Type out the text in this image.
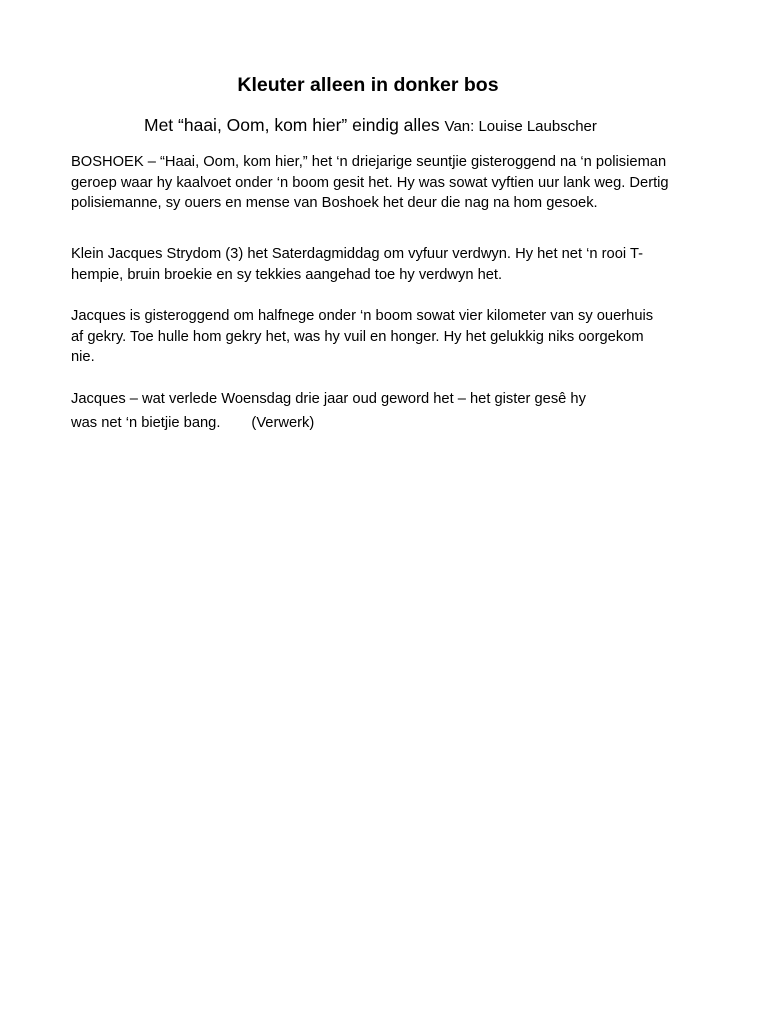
Kleuter alleen in donker bos
Met “haai, Oom, kom hier” eindig alles Van: Louise Laubscher

BOSHOEK – “Haai, Oom, kom hier,” het ‘n driejarige seuntjie gisteroggend na ‘n polisieman
geroep waar hy kaalvoet onder ‘n boom gesit het. Hy was sowat vyftien uur lank weg. Dertig
polisiemanne, sy ouers en mense van Boshoek het deur die nag na hom gesoek.

Klein Jacques Strydom (3) het Saterdagmiddag om vyfuur verdwyn. Hy het net ‘n rooi T-
hempie, bruin broekie en sy tekkies aangehad toe hy verdwyn het.

Jacques is gisteroggend om halfnege onder ‘n boom sowat vier kilometer van sy ouerhuis
af gekry. Toe hulle hom gekry het, was hy vuil en honger. Hy het gelukkig niks oorgekom
nie.

Jacques – wat verlede Woensdag drie jaar oud geword het – het gister gesê hy
was net ‘n bietjie bang. (Verwerk)
